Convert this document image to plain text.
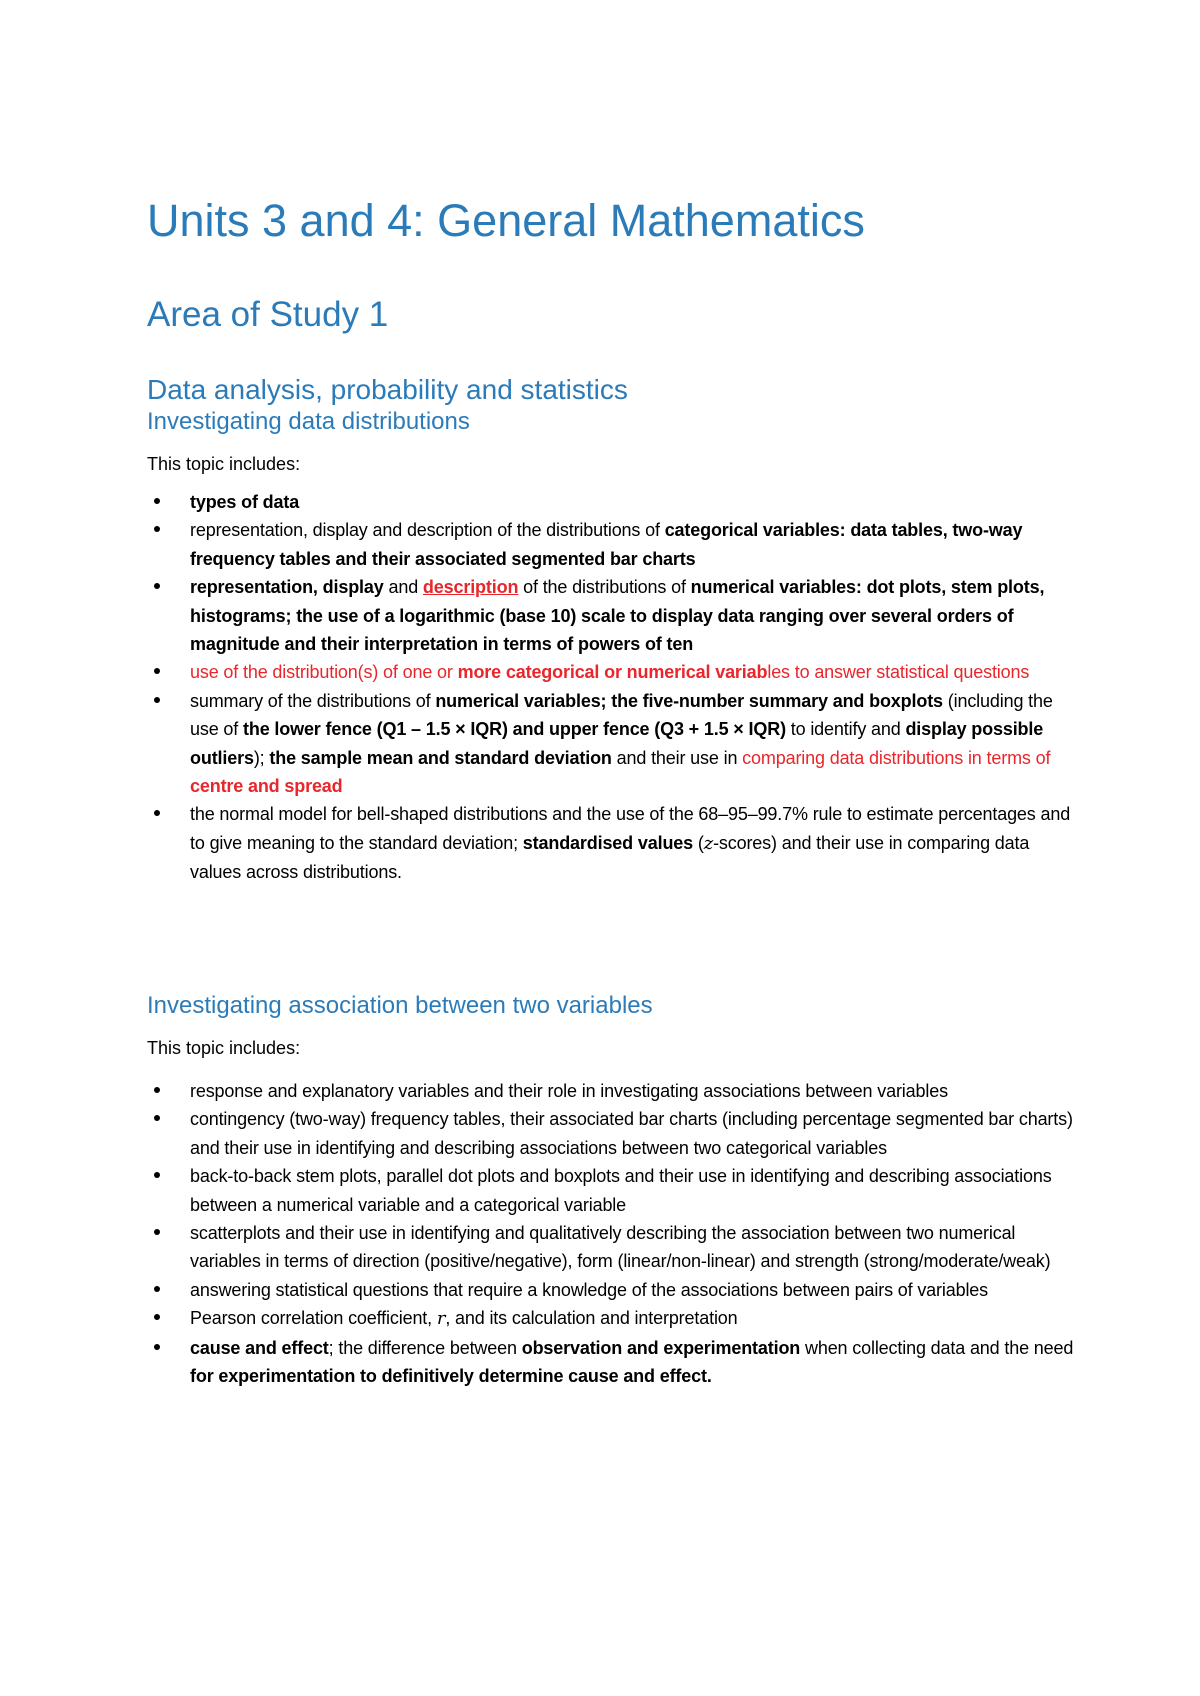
Units 3 and 4: General Mathematics
Area of Study 1
Data analysis, probability and statistics
Investigating data distributions

This topic includes:

types of data
representation, display and description of the distributions of categorical variables: data tables, two-way frequency tables and their associated segmented bar charts
representation, display and description of the distributions of numerical variables: dot plots, stem plots, histograms; the use of a logarithmic (base 10) scale to display data ranging over several orders of magnitude and their interpretation in terms of powers of ten
use of the distribution(s) of one or more categorical or numerical variables to answer statistical questions
summary of the distributions of numerical variables; the five-number summary and boxplots (including the use of the lower fence (Q1 – 1.5 × IQR) and upper fence (Q3 + 1.5 × IQR) to identify and display possible outliers); the sample mean and standard deviation and their use in comparing data distributions in terms of centre and spread
the normal model for bell-shaped distributions and the use of the 68–95–99.7% rule to estimate percentages and to give meaning to the standard deviation; standardised values (z-scores) and their use in comparing data values across distributions.
Investigating association between two variables

This topic includes:

response and explanatory variables and their role in investigating associations between variables
contingency (two-way) frequency tables, their associated bar charts (including percentage segmented bar charts) and their use in identifying and describing associations between two categorical variables
back-to-back stem plots, parallel dot plots and boxplots and their use in identifying and describing associations between a numerical variable and a categorical variable
scatterplots and their use in identifying and qualitatively describing the association between two numerical variables in terms of direction (positive/negative), form (linear/non-linear) and strength (strong/moderate/weak)
answering statistical questions that require a knowledge of the associations between pairs of variables
Pearson correlation coefficient, r, and its calculation and interpretation
cause and effect; the difference between observation and experimentation when collecting data and the need for experimentation to definitively determine cause and effect.
